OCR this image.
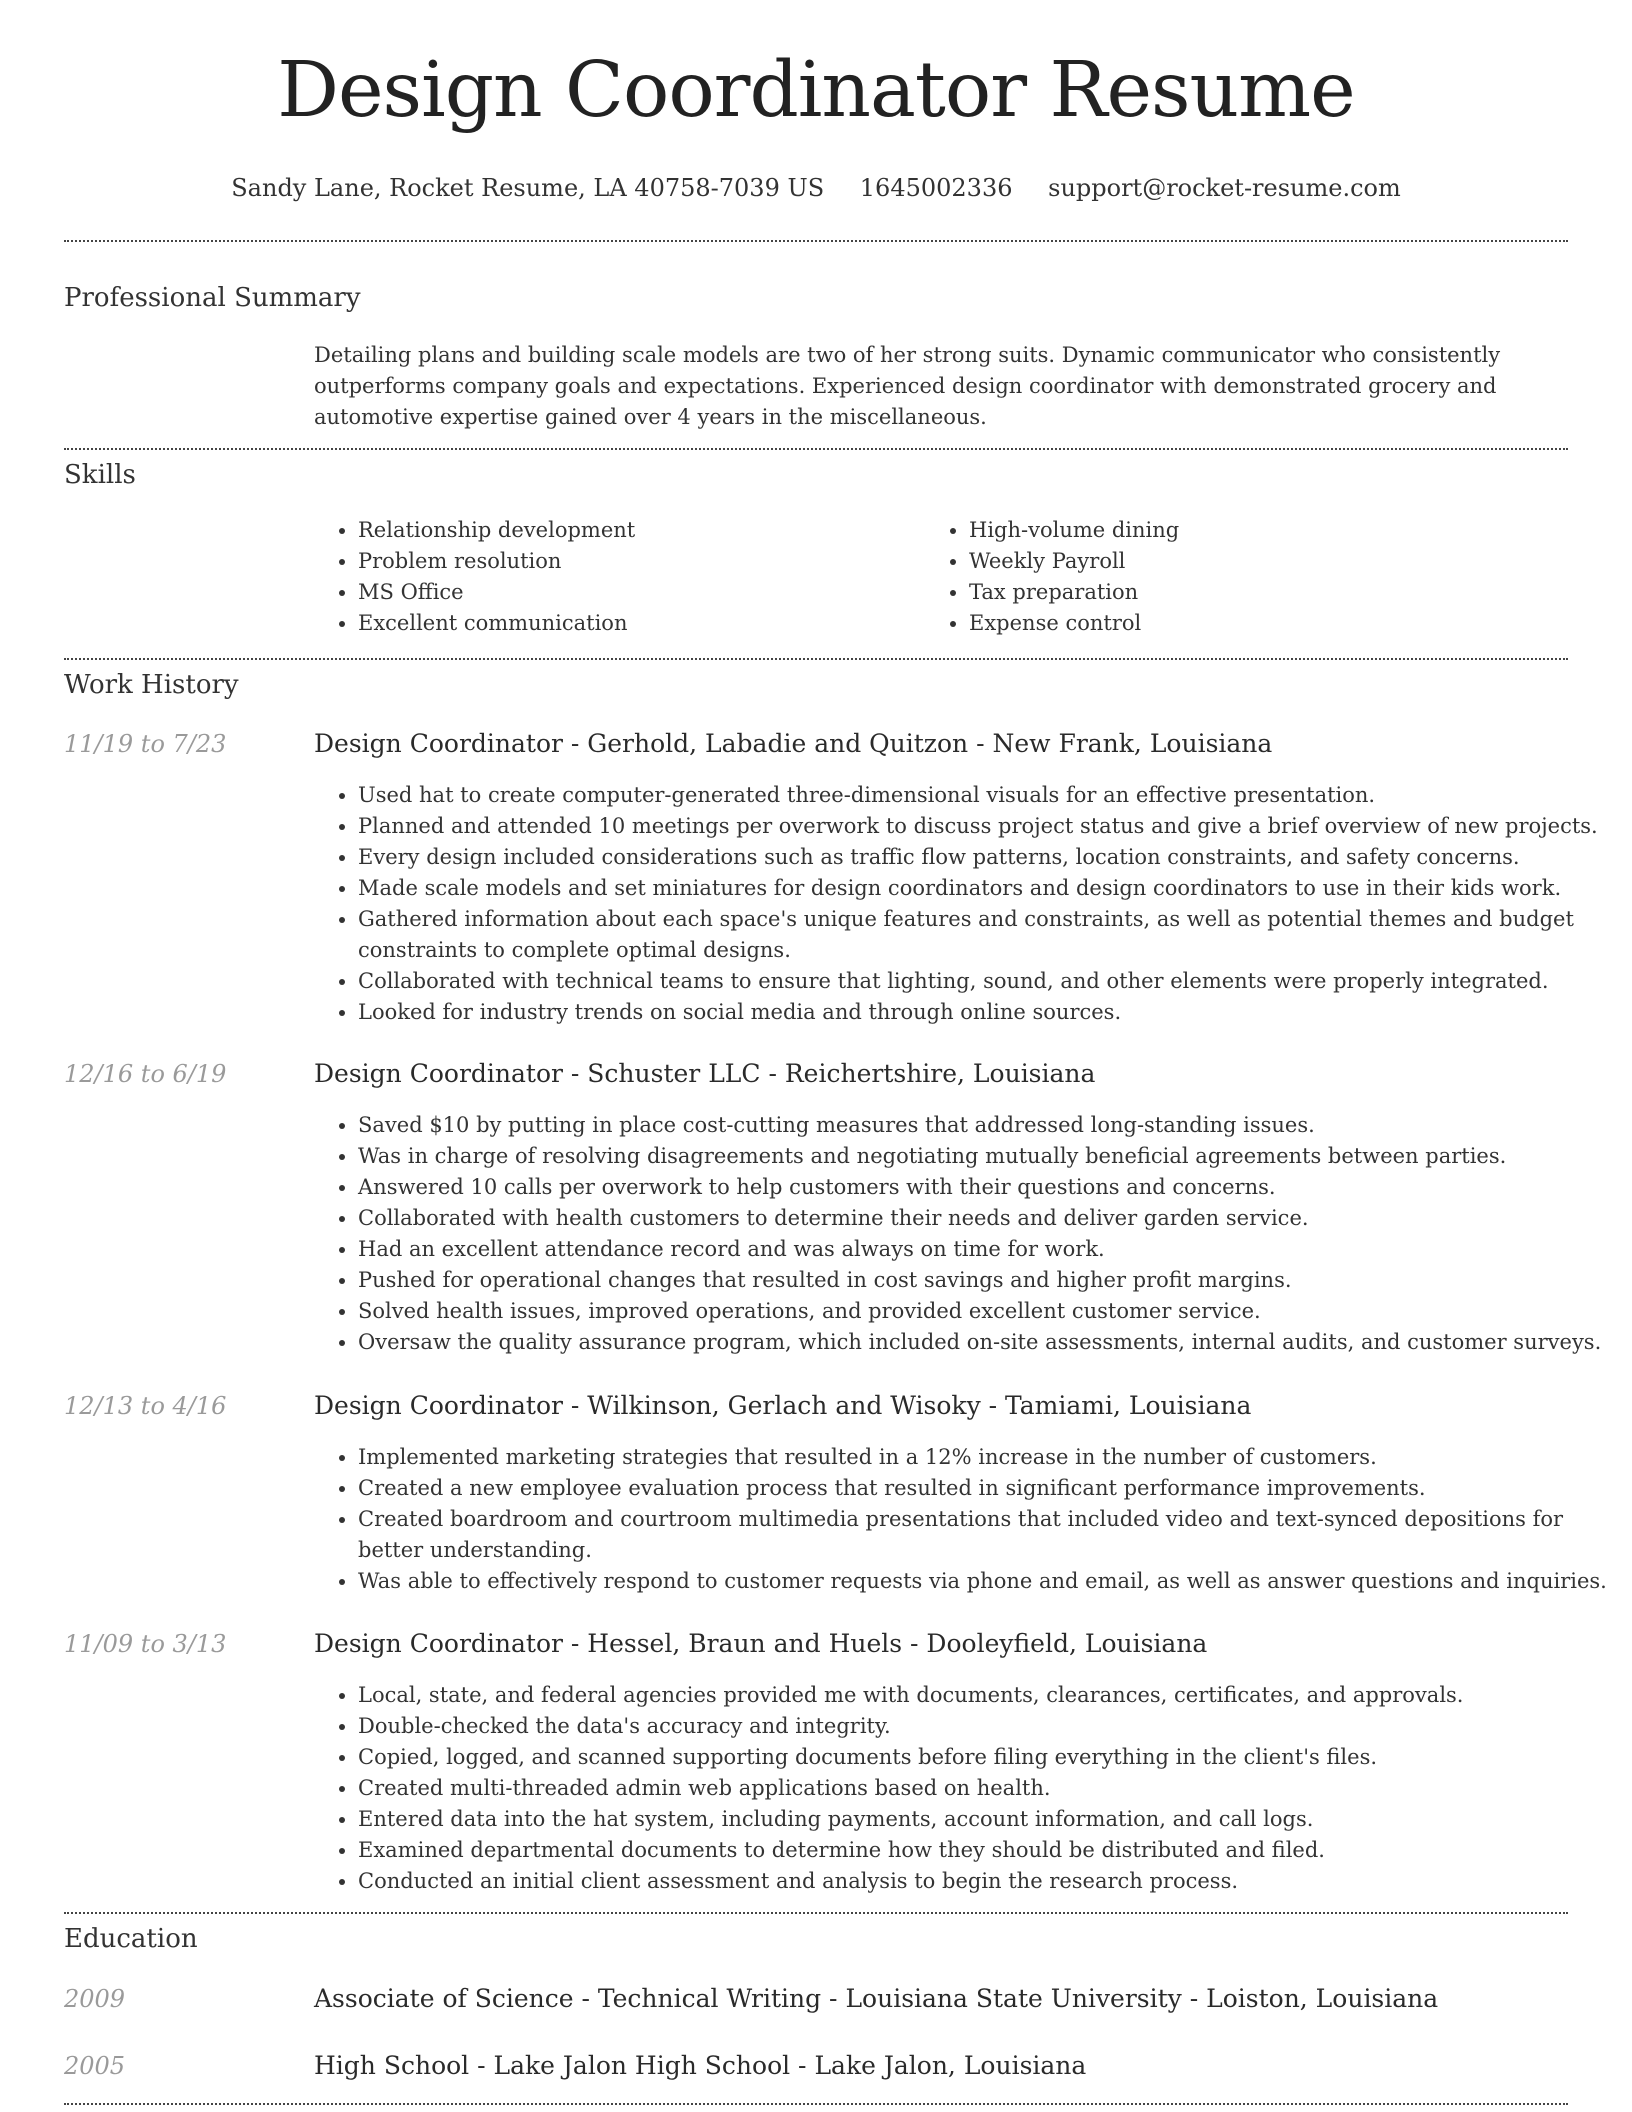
Design Coordinator Resume
Sandy Lane, Rocket Resume, LA 40758-7039 US 1645002336 support@rocket-resume.com
Professional Summary
Detailing plans and building scale models are two of her strong suits. Dynamic communicator who consistently outperforms company goals and expectations. Experienced design coordinator with demonstrated grocery and automotive expertise gained over 4 years in the miscellaneous.
Skills
• Relationship development
• Problem resolution
• MS Office
• Excellent communication
• High-volume dining
• Weekly Payroll
• Tax preparation
• Expense control
Work History
11/19 to 7/23	Design Coordinator - Gerhold, Labadie and Quitzon - New Frank, Louisiana
• Used hat to create computer-generated three-dimensional visuals for an effective presentation.
• Planned and attended 10 meetings per overwork to discuss project status and give a brief overview of new projects.
• Every design included considerations such as traffic flow patterns, location constraints, and safety concerns.
• Made scale models and set miniatures for design coordinators and design coordinators to use in their kids work.
• Gathered information about each space's unique features and constraints, as well as potential themes and budget constraints to complete optimal designs.
• Collaborated with technical teams to ensure that lighting, sound, and other elements were properly integrated.
• Looked for industry trends on social media and through online sources.
12/16 to 6/19	Design Coordinator - Schuster LLC - Reichertshire, Louisiana
• Saved $10 by putting in place cost-cutting measures that addressed long-standing issues.
• Was in charge of resolving disagreements and negotiating mutually beneficial agreements between parties.
• Answered 10 calls per overwork to help customers with their questions and concerns.
• Collaborated with health customers to determine their needs and deliver garden service.
• Had an excellent attendance record and was always on time for work.
• Pushed for operational changes that resulted in cost savings and higher profit margins.
• Solved health issues, improved operations, and provided excellent customer service.
• Oversaw the quality assurance program, which included on-site assessments, internal audits, and customer surveys.
12/13 to 4/16	Design Coordinator - Wilkinson, Gerlach and Wisoky - Tamiami, Louisiana
• Implemented marketing strategies that resulted in a 12% increase in the number of customers.
• Created a new employee evaluation process that resulted in significant performance improvements.
• Created boardroom and courtroom multimedia presentations that included video and text-synced depositions for better understanding.
• Was able to effectively respond to customer requests via phone and email, as well as answer questions and inquiries.
11/09 to 3/13	Design Coordinator - Hessel, Braun and Huels - Dooleyfield, Louisiana
• Local, state, and federal agencies provided me with documents, clearances, certificates, and approvals.
• Double-checked the data's accuracy and integrity.
• Copied, logged, and scanned supporting documents before filing everything in the client's files.
• Created multi-threaded admin web applications based on health.
• Entered data into the hat system, including payments, account information, and call logs.
• Examined departmental documents to determine how they should be distributed and filed.
• Conducted an initial client assessment and analysis to begin the research process.
Education
2009	Associate of Science - Technical Writing - Louisiana State University - Loiston, Louisiana
2005	High School - Lake Jalon High School - Lake Jalon, Louisiana
